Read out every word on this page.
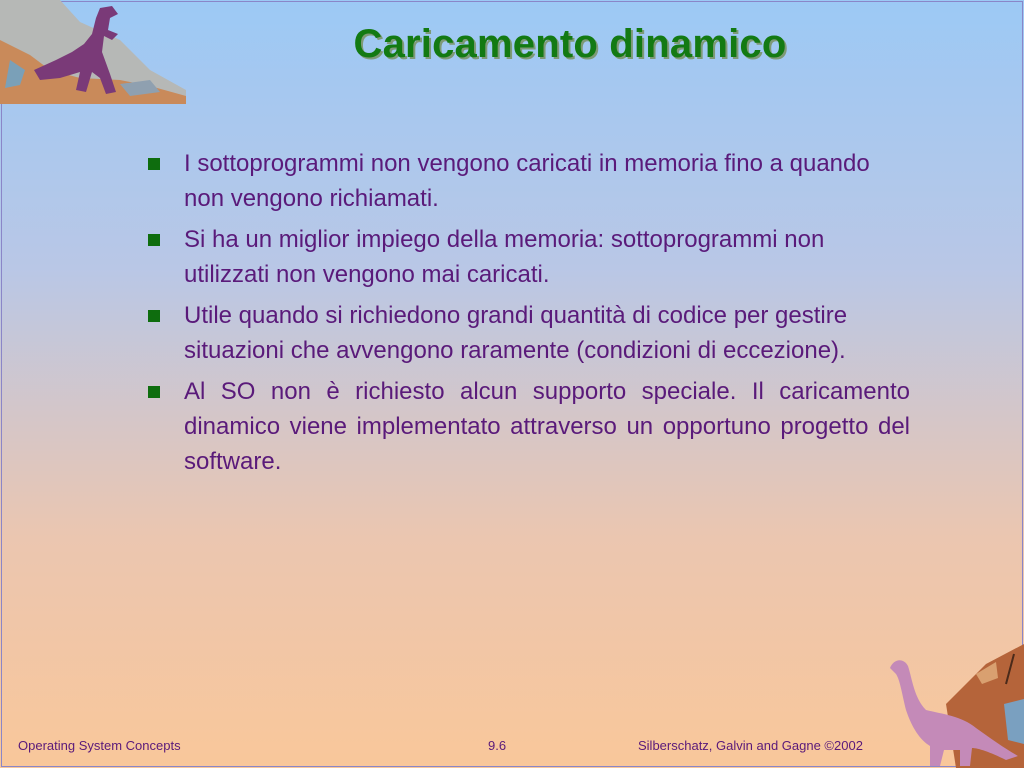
Caricamento dinamico
I sottoprogrammi non vengono caricati in memoria fino a quando non vengono richiamati.
Si ha un miglior impiego della memoria: sottoprogrammi non utilizzati non vengono mai caricati.
Utile quando si richiedono grandi quantità di codice per gestire situazioni che avvengono raramente (condizioni di eccezione).
Al SO non è richiesto alcun supporto speciale. Il caricamento dinamico viene implementato attraverso un opportuno progetto del software.
Operating System Concepts	9.6	Silberschatz, Galvin and Gagne ©2002
